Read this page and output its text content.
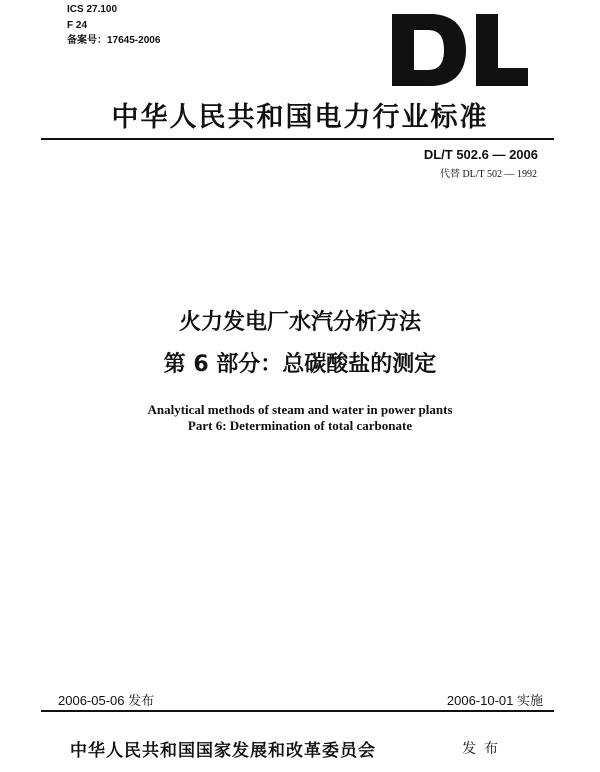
ICS 27.100
F 24
备案号：17645-2006
中华人民共和国电力行业标准
DL/T 502.6 — 2006
代替 DL/T 502 — 1992
火力发电厂水汽分析方法
第 6 部分：总碳酸盐的测定
Analytical methods of steam and water in power plants
Part 6: Determination of total carbonate
2006-05-06 发布	2006-10-01 实施
中华人民共和国国家发展和改革委员会	发布
